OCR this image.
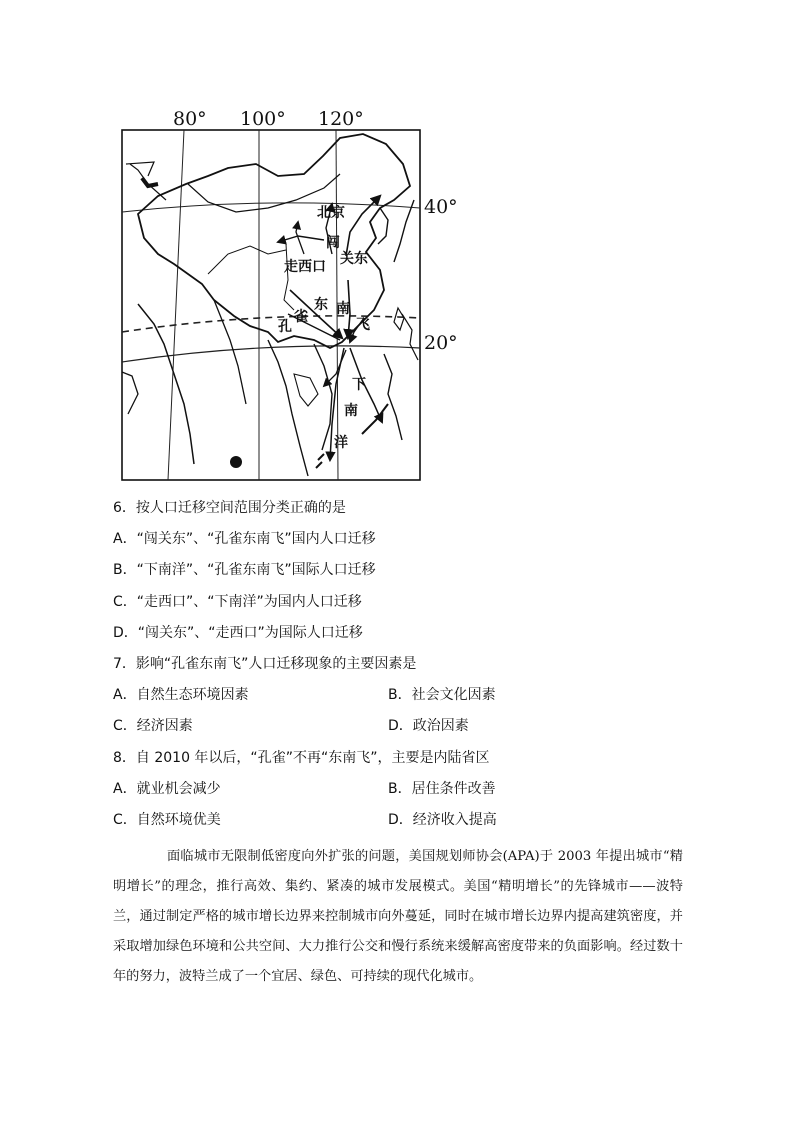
80° 100° 120°
40°
20°
北京
闯
关东
走西口
孔
雀
东 南
飞
下
南
洋
6．按人口迁移空间范围分类正确的是
A．“闯关东”、“孔雀东南飞”国内人口迁移
B．“下南洋”、“孔雀东南飞”国际人口迁移
C．“走西口”、“下南洋”为国内人口迁移
D．“闯关东”、“走西口”为国际人口迁移
7．影响“孔雀东南飞”人口迁移现象的主要因素是
A．自然生态环境因素	B．社会文化因素
C．经济因素	D．政治因素
8．自 2010 年以后，“孔雀”不再“东南飞”，主要是内陆省区
A．就业机会减少	B．居住条件改善
C．自然环境优美	D．经济收入提高
面临城市无限制低密度向外扩张的问题，美国规划师协会(APA)于 2003 年提出城市“精明增长”的理念，推行高效、集约、紧凑的城市发展模式。美国“精明增长”的先锋城市——波特兰，通过制定严格的城市增长边界来控制城市向外蔓延，同时在城市增长边界内提高建筑密度，并采取增加绿色环境和公共空间、大力推行公交和慢行系统来缓解高密度带来的负面影响。经过数十年的努力，波特兰成了一个宜居、绿色、可持续的现代化城市。
